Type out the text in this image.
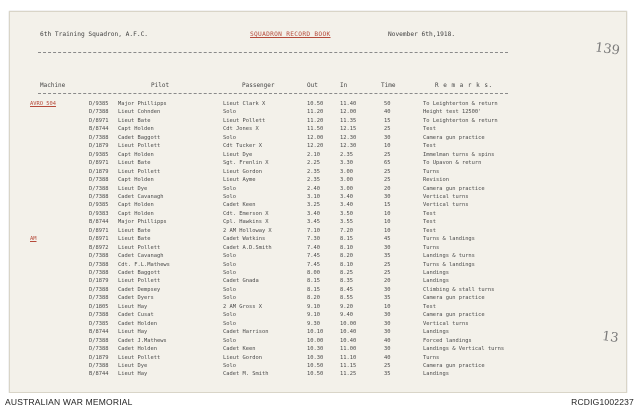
6th Training Squadron, A.F.C.	SQUADRON RECORD BOOK	November 6th,1918.
139
Machine	Pilot	Passenger	Out	In	Time	R e m a r k s.
AVRO 504	D/9385 Major Phillipps	Lieut Clark X	10.50	11.40	50	To Leighterton & return
D/7388 Lieut Cohnden	Solo	11.20	12.00	40	Height test 12500'
D/8971 Lieut Bate	Lieut Pollett	11.20	11.35	15	To Leighterton & return
B/8744 Capt Holden	Cdt Jones X	11.50	12.15	25	Test
D/7388 Cadet Baggott	Solo	12.00	12.30	30	Camera gun practice
D/1879 Lieut Pollett	Cdt Tucker X	12.20	12.30	10	Test
D/9385 Capt Holden	Lieut Dye	2.10	2.35	25	Immelman turns & spins
D/8971 Lieut Bate	Sgt. Frenlin X	2.25	3.30	65	To Upavon & return
D/1879 Lieut Pollett	Lieut Gordon	2.35	3.00	25	Turns
D/7388 Capt Holden	Lieut Ayme	2.35	3.00	25	Revision
D/7388 Lieut Dye	Solo	2.40	3.00	20	Camera gun practice
D/7388 Cadet Cavanagh	Solo	3.10	3.40	30	Vertical turns
D/9385 Capt Holden	Cadet Keen	3.25	3.40	15	Vertical turns
D/9383 Capt Holden	Cdt. Emerson X	3.40	3.50	10	Test
B/8744 Major Phillipps	Cpl. Hawkins X	3.45	3.55	10	Test
D/8971 Lieut Bate	2 AM Holloway X	7.10	7.20	10	Test
AM	D/8971 Lieut Bate	Cadet Watkins	7.30	8.15	45	Turns & landings
B/8972 Lieut Pollett	Cadet A.D.Smith	7.40	8.10	30	Turns
D/7388 Cadet Cavanagh	Solo	7.45	8.20	35	Landings & turns
D/7388 Cdt. F.L.Mathews	Solo	7.45	8.10	25	Turns & landings
D/7388 Cadet Baggott	Solo	8.00	8.25	25	Landings
D/1879 Lieut Pollett	Cadet Gnada	8.15	8.35	20	Landings
D/7388 Cadet Dempsey	Solo	8.15	8.45	30	Climbing & stall turns
D/7388 Cadet Dyers	Solo	8.20	8.55	35	Camera gun practice
D/1805 Lieut Hay	2 AM Gross X	9.10	9.20	10	Test
D/7388 Cadet Cusat	Solo	9.10	9.40	30	Camera gun practice
D/7385 Cadet Holden	Solo	9.30	10.00	30	Vertical turns
B/8744 Lieut Hay	Cadet Harrison	10.10	10.40	30	Landings
D/7388 Cadet J.Mathews	Solo	10.00	10.40	40	Forced landings
D/7388 Cadet Holden	Cadet Keen	10.30	11.00	30	Landings & Vertical turns
D/1879 Lieut Pollett	Lieut Gordon	10.30	11.10	40	Turns
D/7388 Lieut Dye	Solo	10.50	11.15	25	Camera gun practice
B/8744 Lieut Hay	Cadet M. Smith	10.50	11.25	35	Landings
13
AUSTRALIAN WAR MEMORIAL	RCDIG1002237
